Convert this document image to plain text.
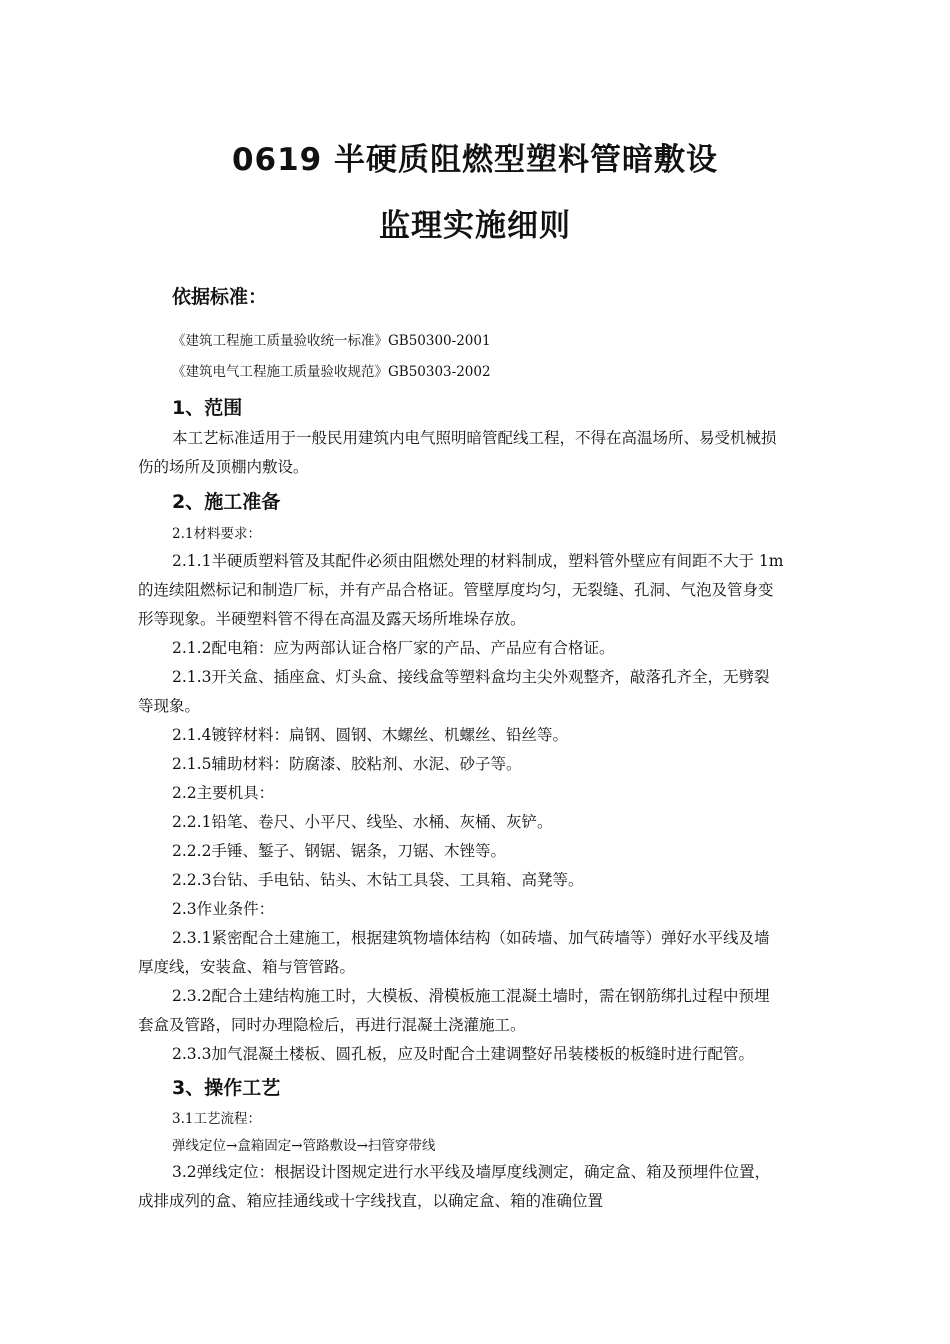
0619 半硬质阻燃型塑料管暗敷设
监理实施细则
依据标准：
《建筑工程施工质量验收统一标准》GB50300-2001
《建筑电气工程施工质量验收规范》GB50303-2002
1、范围
本工艺标准适用于一般民用建筑内电气照明暗管配线工程，不得在高温场所、易受机械损
伤的场所及顶棚内敷设。
2、施工准备
2.1材料要求：
2.1.1半硬质塑料管及其配件必须由阻燃处理的材料制成，塑料管外壁应有间距不大于 1m
的连续阻燃标记和制造厂标，并有产品合格证。管壁厚度均匀，无裂缝、孔洞、气泡及管身变
形等现象。半硬塑料管不得在高温及露天场所堆垛存放。
2.1.2配电箱：应为两部认证合格厂家的产品、产品应有合格证。
2.1.3开关盒、插座盒、灯头盒、接线盒等塑料盒均主尖外观整齐，敲落孔齐全，无劈裂
等现象。
2.1.4镀锌材料：扁钢、圆钢、木螺丝、机螺丝、铅丝等。
2.1.5辅助材料：防腐漆、胶粘剂、水泥、砂子等。
2.2主要机具：
2.2.1铅笔、卷尺、小平尺、线坠、水桶、灰桶、灰铲。
2.2.2手锤、錾子、钢锯、锯条，刀锯、木锉等。
2.2.3台钻、手电钻、钻头、木钻工具袋、工具箱、高凳等。
2.3作业条件：
2.3.1紧密配合土建施工，根据建筑物墙体结构（如砖墙、加气砖墙等）弹好水平线及墙
厚度线，安装盒、箱与管管路。
2.3.2配合土建结构施工时，大模板、滑模板施工混凝土墙时，需在钢筋绑扎过程中预埋
套盒及管路，同时办理隐检后，再进行混凝土浇灌施工。
2.3.3加气混凝土楼板、圆孔板，应及时配合土建调整好吊装楼板的板缝时进行配管。
3、操作工艺
3.1工艺流程：
弹线定位→盒箱固定→管路敷设→扫管穿带线
3.2弹线定位：根据设计图规定进行水平线及墙厚度线测定，确定盒、箱及预埋件位置，
成排成列的盒、箱应挂通线或十字线找直，以确定盒、箱的准确位置
